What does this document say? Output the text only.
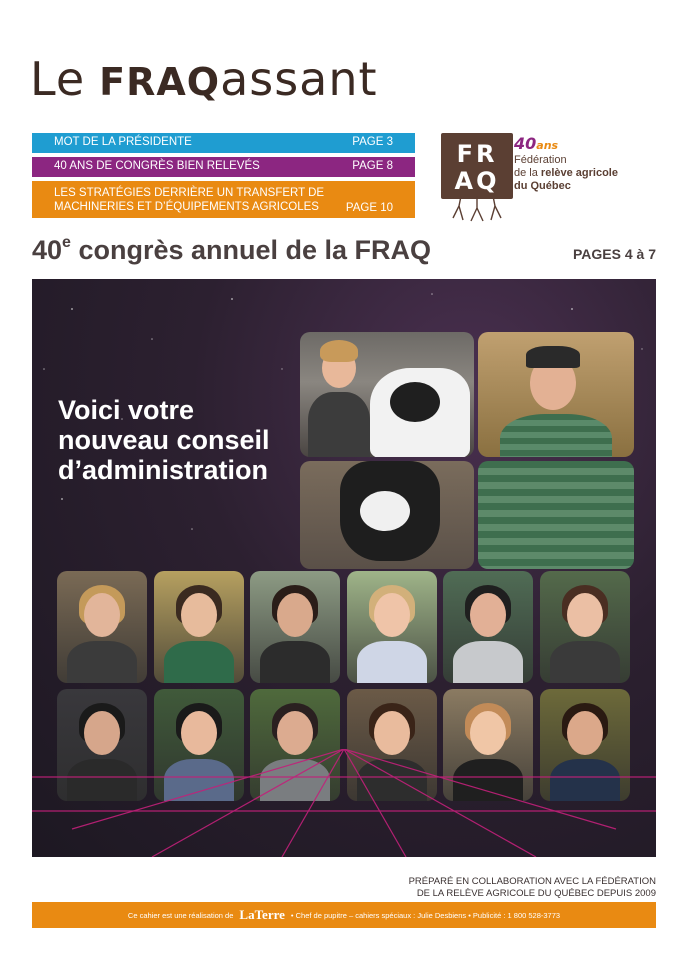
Le FRAQ assant
MOT DE LA PRÉSIDENTE	PAGE 3
40 ANS DE CONGRÈS BIEN RELEVÉS	PAGE 8
LES STRATÉGIES DERRIÈRE UN TRANSFERT DE MACHINERIES ET D’ÉQUIPEMENTS AGRICOLES	PAGE 10
FR
AQ
40ans
Fédération
de la relève agricole
du Québec
40e congrès annuel de la FRAQ	PAGES 4 à 7
Voici votre nouveau conseil d’administration
PRÉPARÉ EN COLLABORATION AVEC LA FÉDÉRATION
DE LA RELÈVE AGRICOLE DU QUÉBEC DEPUIS 2009
Ce cahier est une réalisation de LaTerre • Chef de pupitre – cahiers spéciaux : Julie Desbiens • Publicité : 1 800 528-3773
